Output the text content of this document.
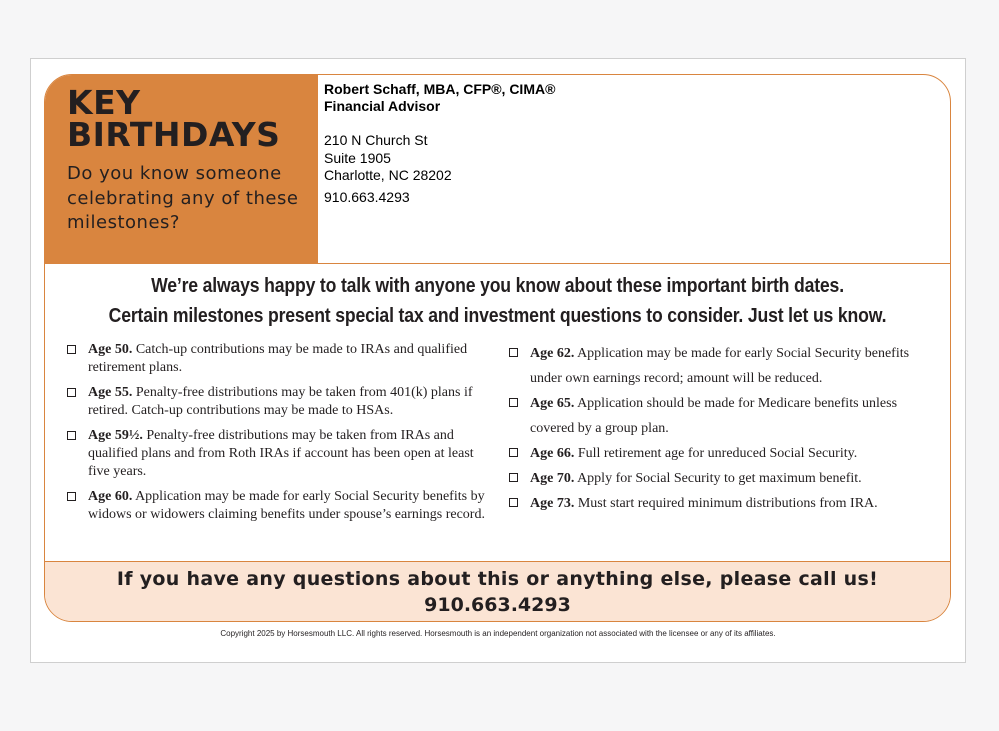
KEY
BIRTHDAYS
Do you know someone celebrating any of these milestones?
Robert Schaff, MBA, CFP®, CIMA®
Financial Advisor
210 N Church St
Suite 1905
Charlotte, NC 28202
910.663.4293
We’re always happy to talk with anyone you know about these important birth dates.
Certain milestones present special tax and investment questions to consider. Just let us know.

Age 50. Catch-up contributions may be made to IRAs and qualified retirement plans.

Age 55. Penalty-free distributions may be taken from 401(k) plans if retired. Catch-up contributions may be made to HSAs.

Age 59½. Penalty-free distributions may be taken from IRAs and qualified plans and from Roth IRAs if account has been open at least five years.

Age 60. Application may be made for early Social Security benefits by widows or widowers claiming benefits under spouse’s earnings record.

Age 62. Application may be made for early Social Security benefits under own earnings record; amount will be reduced.

Age 65. Application should be made for Medicare benefits unless covered by a group plan.

Age 66. Full retirement age for unreduced Social Security.

Age 70. Apply for Social Security to get maximum benefit.

Age 73. Must start required minimum distributions from IRA.

If you have any questions about this or anything else, please call us!
910.663.4293
Copyright 2025 by Horsesmouth LLC. All rights reserved. Horsesmouth is an independent organization not associated with the licensee or any of its affiliates.
